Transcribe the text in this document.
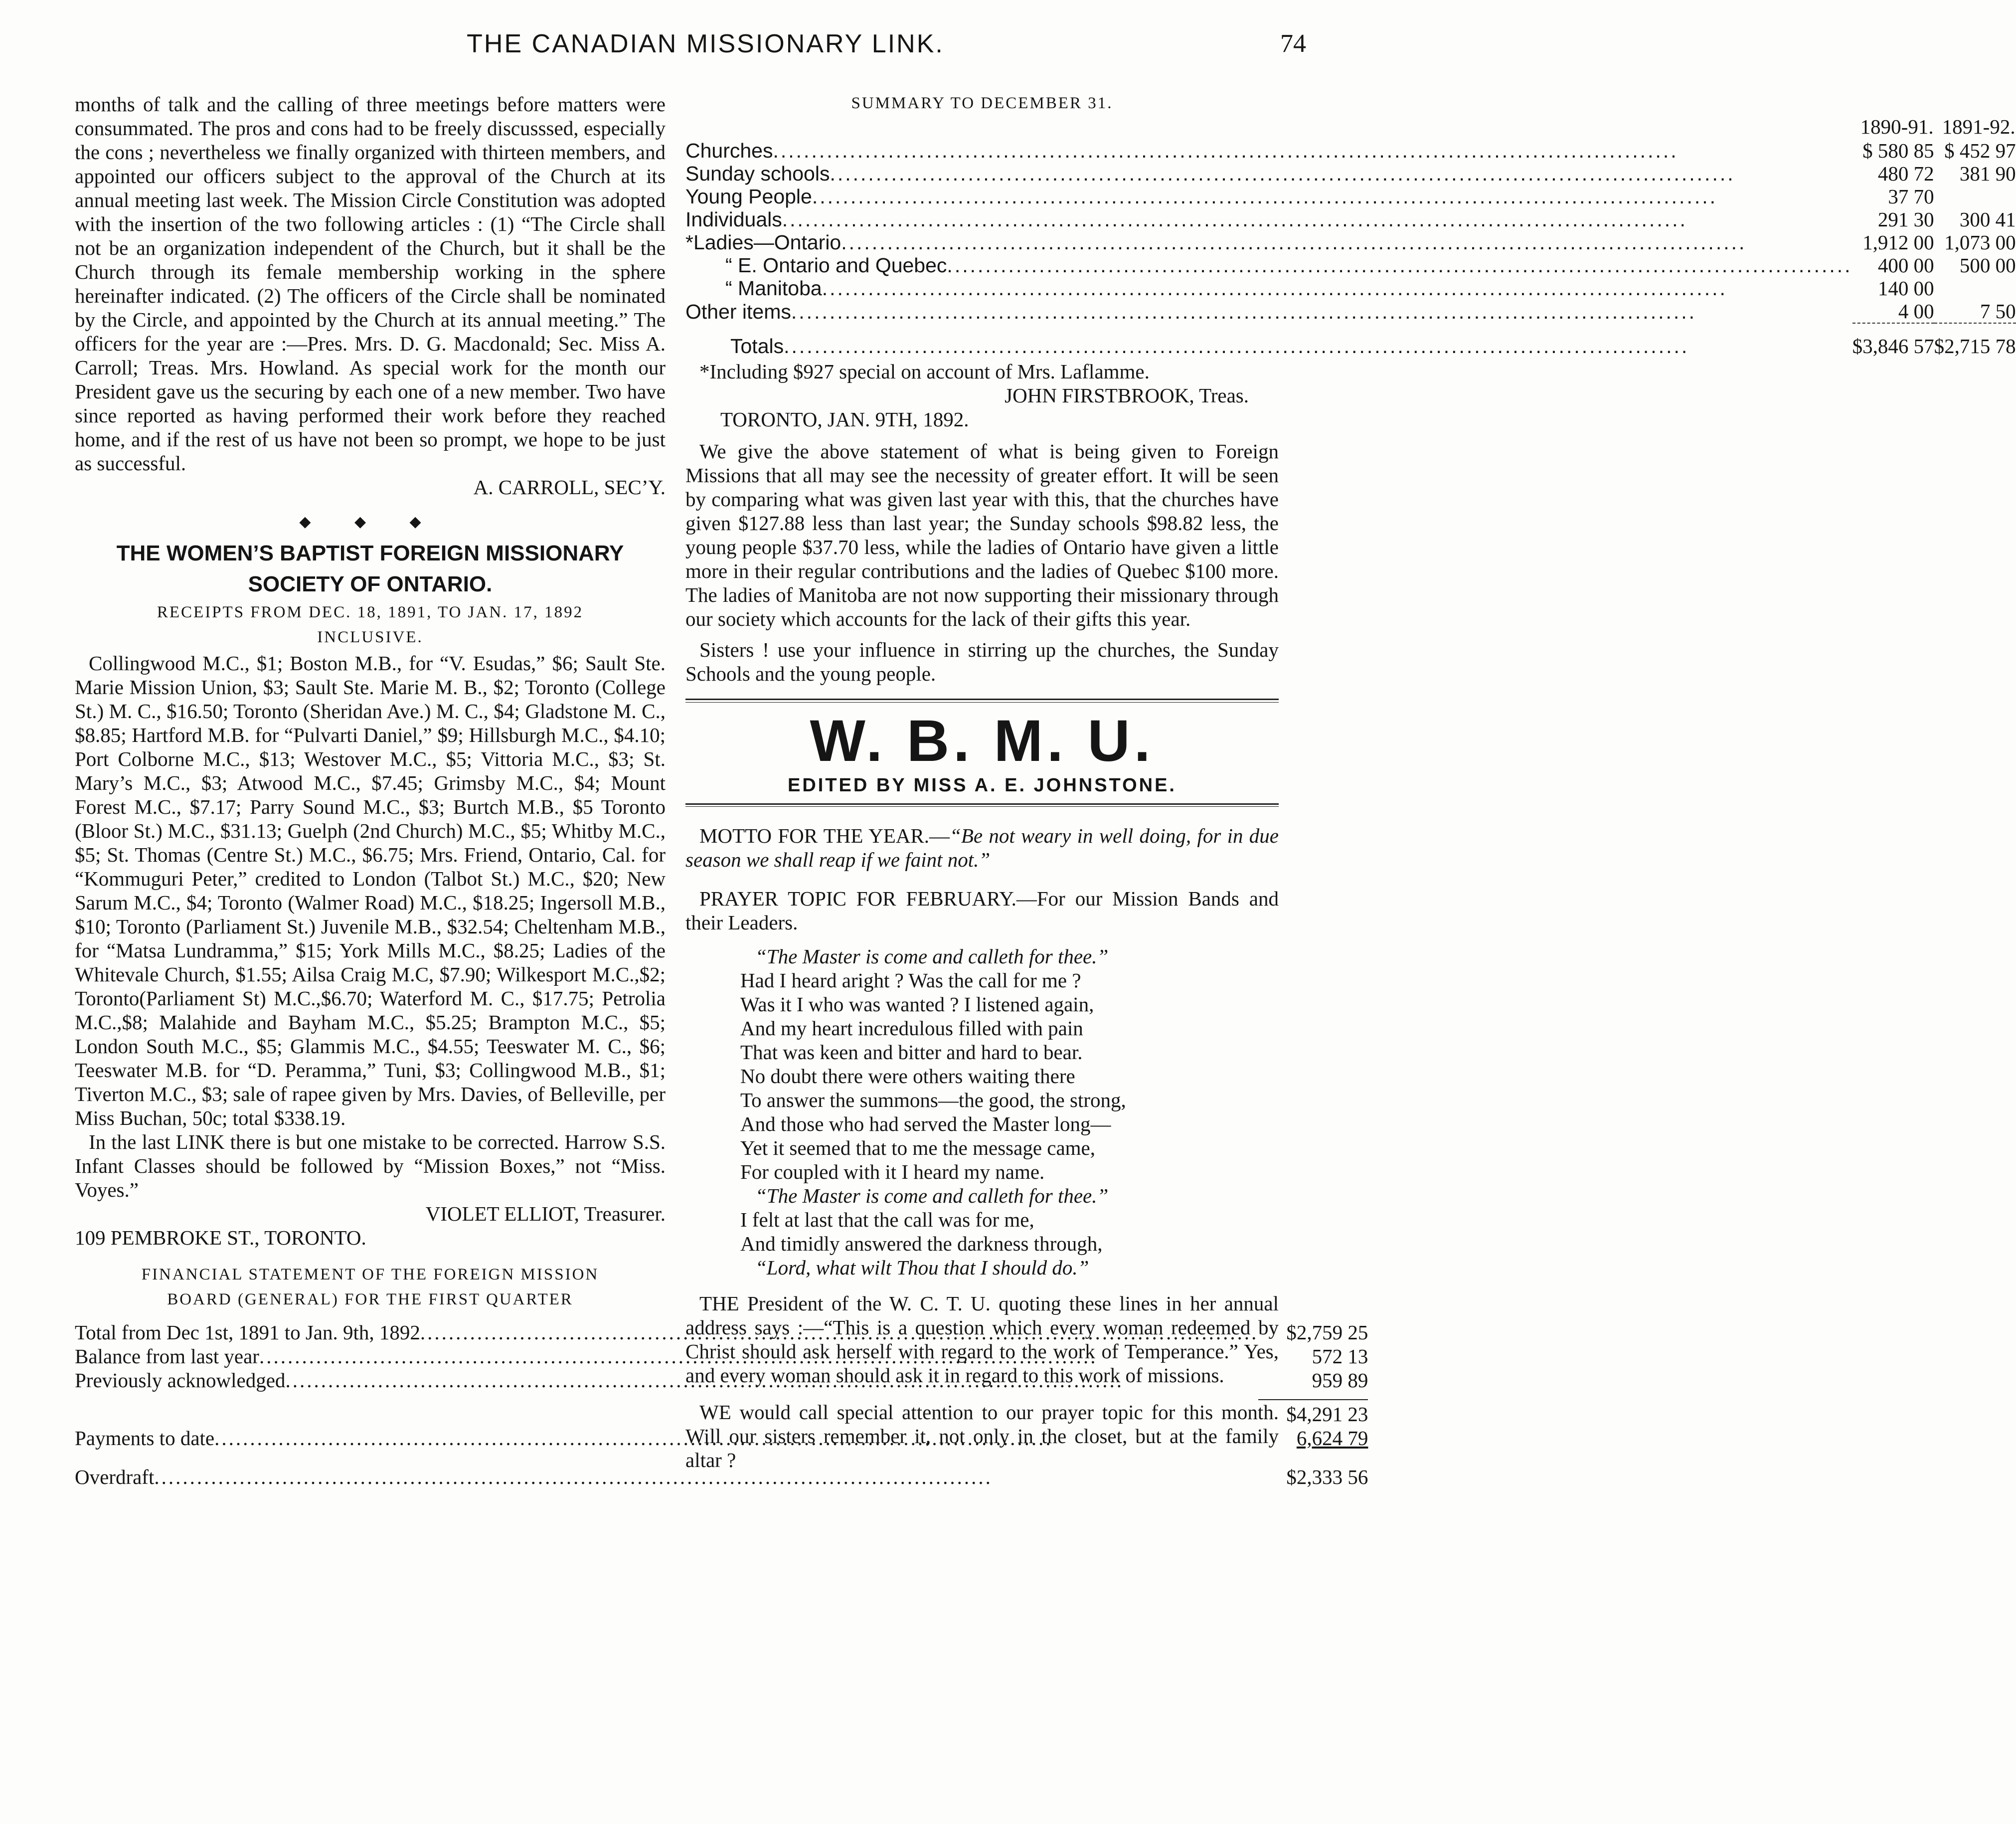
THE CANADIAN MISSIONARY LINK.	74

months of talk and the calling of three meetings before matters were consummated. The pros and cons had to be freely discusssed, especially the cons ; nevertheless we finally organized with thirteen members, and appointed our officers subject to the approval of the Church at its annual meeting last week. The Mission Circle Constitution was adopted with the insertion of the two following articles : (1) “The Circle shall not be an organization independent of the Church, but it shall be the Church through its female membership working in the sphere hereinafter indicated. (2) The officers of the Circle shall be nominated by the Circle, and appointed by the Church at its annual meeting.” The officers for the year are :—Pres. Mrs. D. G. Macdonald; Sec. Miss A. Carroll; Treas. Mrs. Howland. As special work for the month our President gave us the securing by each one of a new member. Two have since reported as having performed their work before they reached home, and if the rest of us have not been so prompt, we hope to be just as successful.

A. CARROLL, SEC’Y.

◆ ◆ ◆
THE WOMEN’S BAPTIST FOREIGN MISSIONARY
SOCIETY OF ONTARIO.
RECEIPTS FROM DEC. 18, 1891, TO JAN. 17, 1892
INCLUSIVE.

Collingwood M.C., $1; Boston M.B., for “V. Esudas,” $6; Sault Ste. Marie Mission Union, $3; Sault Ste. Marie M. B., $2; Toronto (College St.) M. C., $16.50; Toronto (Sheridan Ave.) M. C., $4; Gladstone M. C., $8.85; Hartford M.B. for “Pulvarti Daniel,” $9; Hillsburgh M.C., $4.10; Port Colborne M.C., $13; Westover M.C., $5; Vittoria M.C., $3; St. Mary’s M.C., $3; Atwood M.C., $7.45; Grimsby M.C., $4; Mount Forest M.C., $7.17; Parry Sound M.C., $3; Burtch M.B., $5 Toronto (Bloor St.) M.C., $31.13; Guelph (2nd Church) M.C., $5; Whitby M.C., $5; St. Thomas (Centre St.) M.C., $6.75; Mrs. Friend, Ontario, Cal. for “Kommuguri Peter,” credited to London (Talbot St.) M.C., $20; New Sarum M.C., $4; Toronto (Walmer Road) M.C., $18.25; Ingersoll M.B., $10; Toronto (Parliament St.) Juvenile M.B., $32.54; Cheltenham M.B., for “Matsa Lundramma,” $15; York Mills M.C., $8.25; Ladies of the Whitevale Church, $1.55; Ailsa Craig M.C, $7.90; Wilkesport M.C.,$2; Toronto(Parliament St) M.C.,$6.70; Waterford M. C., $17.75; Petrolia M.C.,$8; Malahide and Bayham M.C., $5.25; Brampton M.C., $5; London South M.C., $5; Glammis M.C., $4.55; Teeswater M. C., $6; Teeswater M.B. for “D. Peramma,” Tuni, $3; Collingwood M.B., $1; Tiverton M.C., $3; sale of rapee given by Mrs. Davies, of Belleville, per Miss Buchan, 50c; total $338.19.

In the last LINK there is but one mistake to be corrected. Harrow S.S. Infant Classes should be followed by “Mission Boxes,” not “Miss. Voyes.”

VIOLET ELLIOT, Treasurer.

109 PEMBROKE ST., TORONTO.

FINANCIAL STATEMENT OF THE FOREIGN MISSION
BOARD (GENERAL) FOR THE FIRST QUARTER
Total from Dec 1st, 1891 to Jan. 9th, 1892
.....	$2,759 25

Balance from last year
.....	572 13

Previously acknowledged
.....	959 89

	$4,291 23

Payments to date
.....	6,624 79

Overdraft
.....	$2,333 56
SUMMARY TO DECEMBER 31.
	1890-91.	1891-92.

Churches
.....	$ 580 85	$ 452 97

Sunday schools
.....	480 72	381 90

Young People
.....	37 70	

Individuals
.....	291 30	300 41

*Ladies—Ontario
.....	1,912 00	1,073 00

“ E. Ontario and Quebec
.....	400 00	500 00

“ Manitoba
.....	140 00	

Other items
.....	4 00	7 50

Totals
.....	$3,846 57	$2,715 78

*Including $927 special on account of Mrs. Laflamme.

JOHN FIRSTBROOK, Treas.

TORONTO, JAN. 9TH, 1892.

We give the above statement of what is being given to Foreign Missions that all may see the necessity of greater effort. It will be seen by comparing what was given last year with this, that the churches have given $127.88 less than last year; the Sunday schools $98.82 less, the young people $37.70 less, while the ladies of Ontario have given a little more in their regular contributions and the ladies of Quebec $100 more. The ladies of Manitoba are not now supporting their missionary through our society which accounts for the lack of their gifts this year.

Sisters ! use your influence in stirring up the churches, the Sunday Schools and the young people.

W. B. M. U.
EDITED BY MISS A. E. JOHNSTONE.

MOTTO FOR THE YEAR.—“Be not weary in well doing, for in due season we shall reap if we faint not.”

PRAYER TOPIC FOR FEBRUARY.—For our Mission Bands and their Leaders.

“The Master is come and calleth for thee.”

Had I heard aright ? Was the call for me ?

Was it I who was wanted ? I listened again,

And my heart incredulous filled with pain

That was keen and bitter and hard to bear.

No doubt there were others waiting there

To answer the summons—the good, the strong,

And those who had served the Master long—

Yet it seemed that to me the message came,

For coupled with it I heard my name.

“The Master is come and calleth for thee.”

I felt at last that the call was for me,

And timidly answered the darkness through,

“Lord, what wilt Thou that I should do.”

THE President of the W. C. T. U. quoting these lines in her annual address says :—“This is a question which every woman redeemed by Christ should ask herself with regard to the work of Temperance.” Yes, and every woman should ask it in regard to this work of missions.

WE would call special attention to our prayer topic for this month. Will our sisters remember it, not only in the closet, but at the family altar ?
